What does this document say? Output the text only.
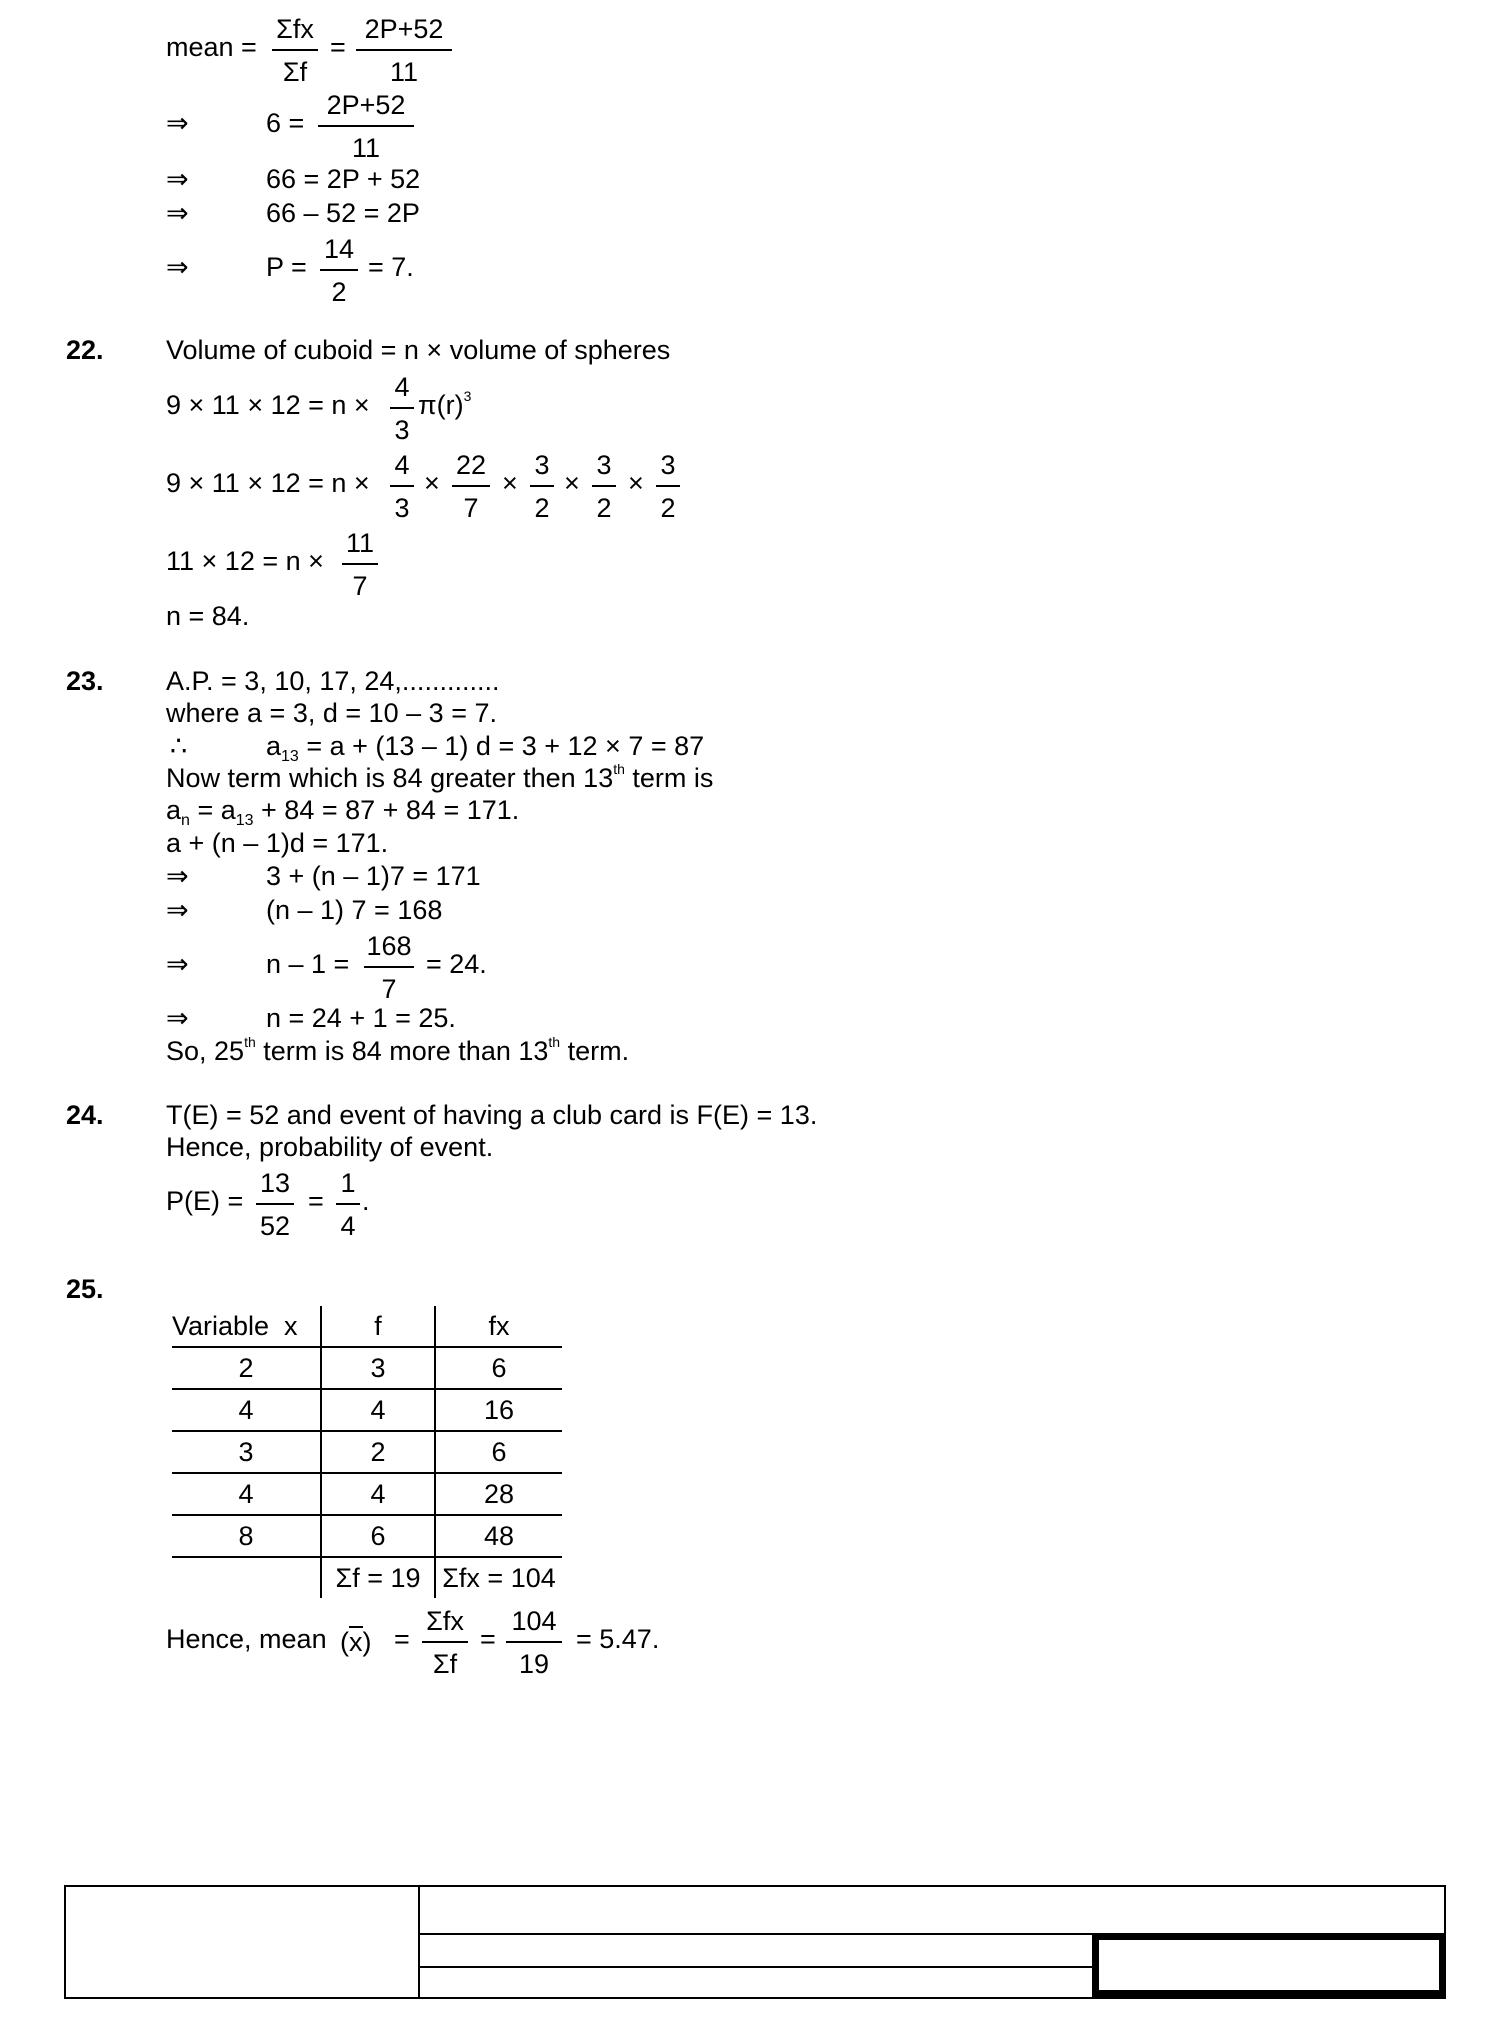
mean =
Σfx
Σf
=
2P+52
11
⇒	6 =
2P+52
11
⇒	66 = 2P + 52
⇒	66 – 52 = 2P
⇒	P =
14
2
= 7.
22. Volume of cuboid = n × volume of spheres
9 × 11 × 12 = n ×
4
3
$\pi(r)^3$
9 × 11 × 12 = n ×
4
3
×
22
7
×
3
2
×
3
2
×
3
2
11 × 12 = n ×
11
7
n = 84.
23. A.P. = 3, 10, 17, 24,.............
where a = 3, d = 10 – 3 = 7.
∴	$a_{13} = a + (13 - 1) d = 3 + 12 \times 7 = 87$
Now term which is 84 greater then 13th term is
$a_n = a_{13} + 84 = 87 + 84 = 171$.
a + (n – 1)d = 171.
⇒	3 + (n – 1)7 = 171
⇒	(n – 1) 7 = 168
⇒	n – 1 =
168
7
= 24.
⇒	n = 24 + 1 = 25.
So, 25th term is 84 more than 13th term.
24. T(E) = 52 and event of having a club card is F(E) = 13.
Hence, probability of event.
P(E) =
13
52
=
1
4
.
25.
Variable  x	f	fx
2	3	6
4	4	16
3	2	6
4	4	28
8	6	48
	Σf = 19	Σfx = 104
Hence, mean (x) =
Σfx
Σf
=
104
19
= 5.47.
